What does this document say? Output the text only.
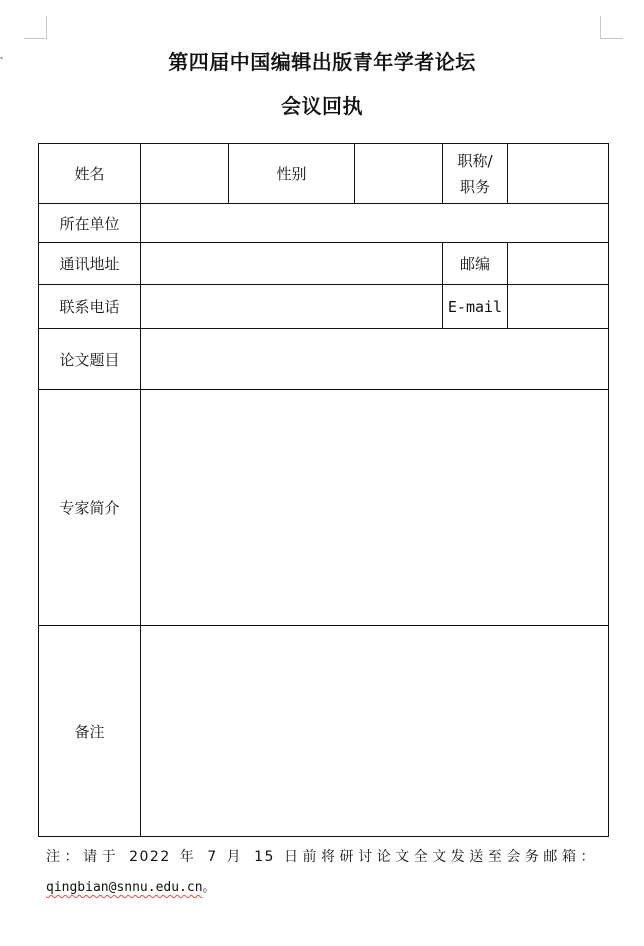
▾	第四届中国编辑出版青年学者论坛
会议回执
姓名		性别		职称/
职务	

所在单位					
通讯地址				邮编	
联系电话				E-mail	
论文题目					
专家简介					
备注					
注：请于 2022 年 7 月 15 日前将研讨论文全文发送至会务邮箱：
qingbian@snnu.edu.cn。
